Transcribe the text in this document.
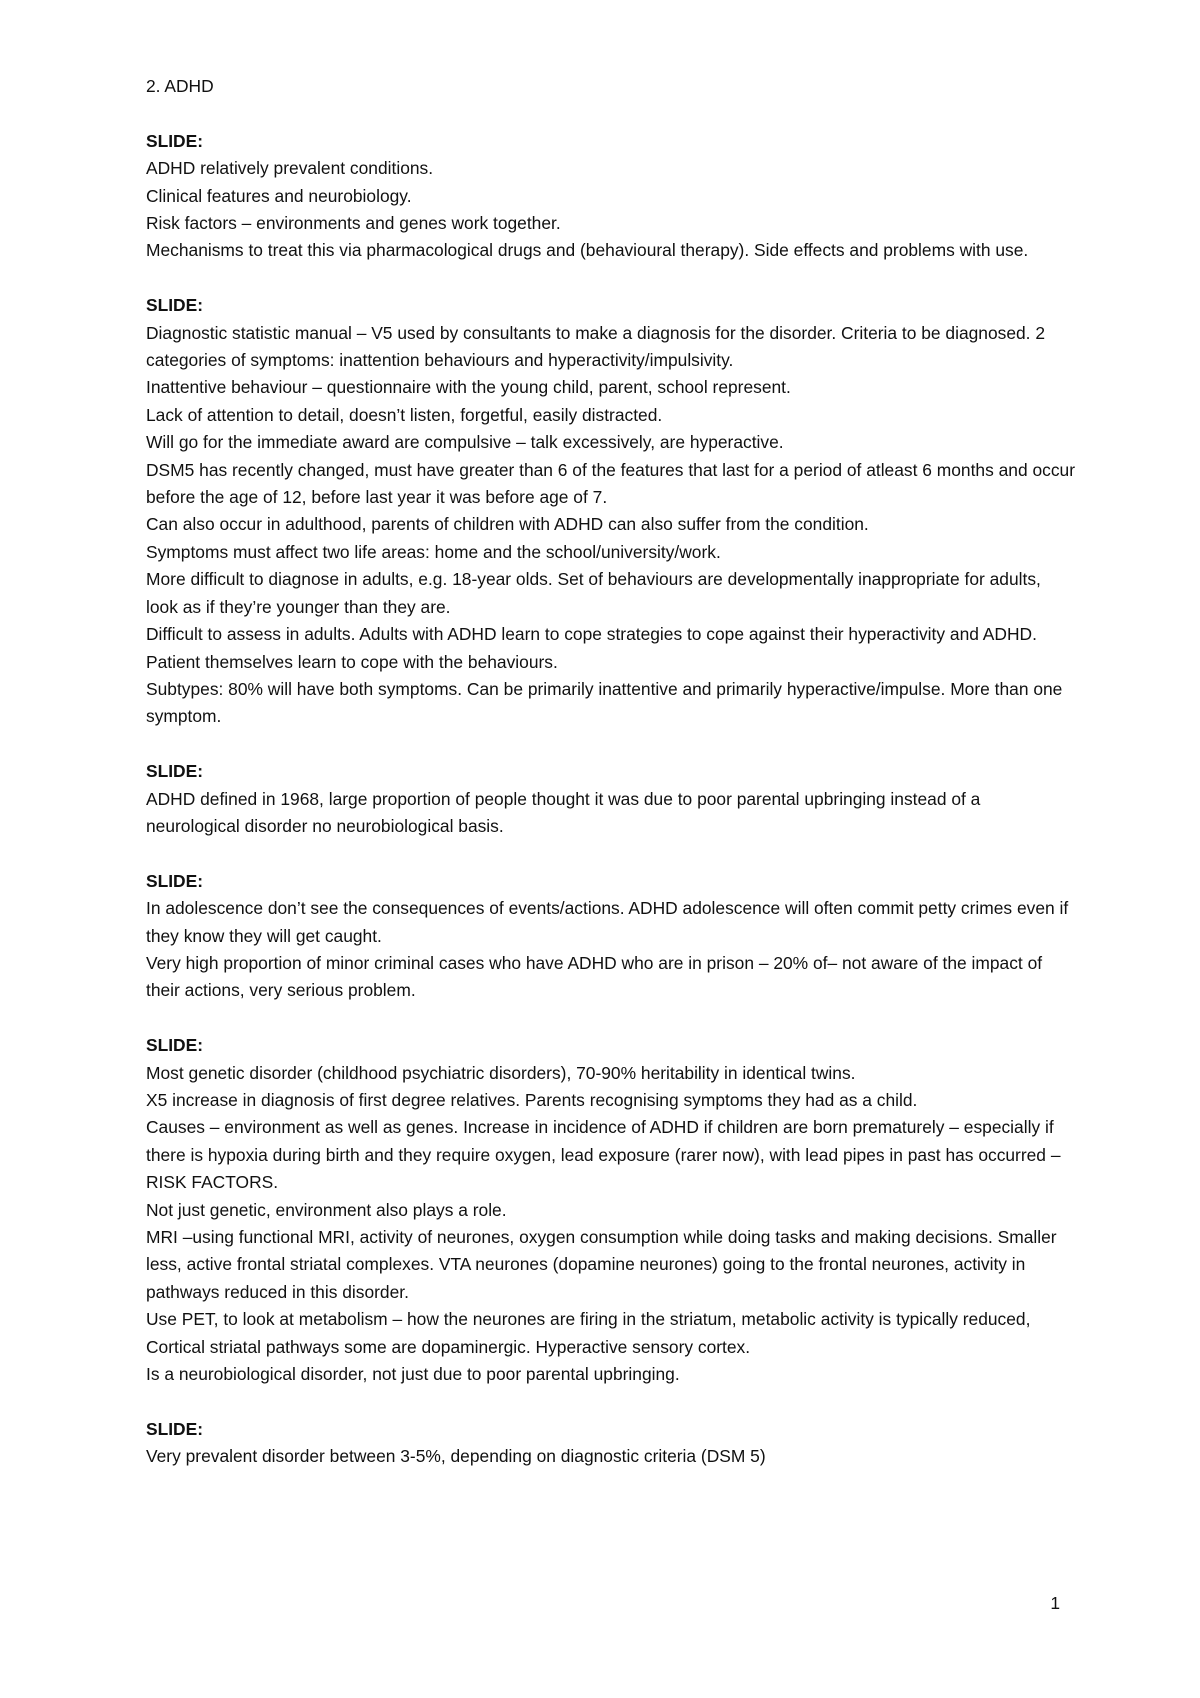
2. ADHD
SLIDE:
ADHD relatively prevalent conditions.
Clinical features and neurobiology.
Risk factors – environments and genes work together.
Mechanisms to treat this via pharmacological drugs and (behavioural therapy). Side effects and problems with use.
SLIDE:
Diagnostic statistic manual – V5 used by consultants to make a diagnosis for the disorder. Criteria to be diagnosed. 2 categories of symptoms: inattention behaviours and hyperactivity/impulsivity.
Inattentive behaviour – questionnaire with the young child, parent, school represent.
Lack of attention to detail, doesn’t listen, forgetful, easily distracted.
Will go for the immediate award are compulsive – talk excessively, are hyperactive.
DSM5 has recently changed, must have greater than 6 of the features that last for a period of atleast 6 months and occur before the age of 12, before last year it was before age of 7.
Can also occur in adulthood, parents of children with ADHD can also suffer from the condition.
Symptoms must affect two life areas: home and the school/university/work.
More difficult to diagnose in adults, e.g. 18-year olds. Set of behaviours are developmentally inappropriate for adults, look as if they’re younger than they are.
Difficult to assess in adults. Adults with ADHD learn to cope strategies to cope against their hyperactivity and ADHD. Patient themselves learn to cope with the behaviours.
Subtypes: 80% will have both symptoms. Can be primarily inattentive and primarily hyperactive/impulse. More than one symptom.
SLIDE:
ADHD defined in 1968, large proportion of people thought it was due to poor parental upbringing instead of a neurological disorder no neurobiological basis.
SLIDE:
In adolescence don’t see the consequences of events/actions. ADHD adolescence will often commit petty crimes even if they know they will get caught.
Very high proportion of minor criminal cases who have ADHD who are in prison – 20% of– not aware of the impact of their actions, very serious problem.
SLIDE:
Most genetic disorder (childhood psychiatric disorders), 70-90% heritability in identical twins.
X5 increase in diagnosis of first degree relatives. Parents recognising symptoms they had as a child.
Causes – environment as well as genes. Increase in incidence of ADHD if children are born prematurely – especially if there is hypoxia during birth and they require oxygen, lead exposure (rarer now), with lead pipes in past has occurred – RISK FACTORS.
Not just genetic, environment also plays a role.
MRI –using functional MRI, activity of neurones, oxygen consumption while doing tasks and making decisions. Smaller less, active frontal striatal complexes. VTA neurones (dopamine neurones) going to the frontal neurones, activity in pathways reduced in this disorder.
Use PET, to look at metabolism – how the neurones are firing in the striatum, metabolic activity is typically reduced, Cortical striatal pathways some are dopaminergic. Hyperactive sensory cortex.
Is a neurobiological disorder, not just due to poor parental upbringing.
SLIDE:
Very prevalent disorder between 3-5%, depending on diagnostic criteria (DSM 5)
1
